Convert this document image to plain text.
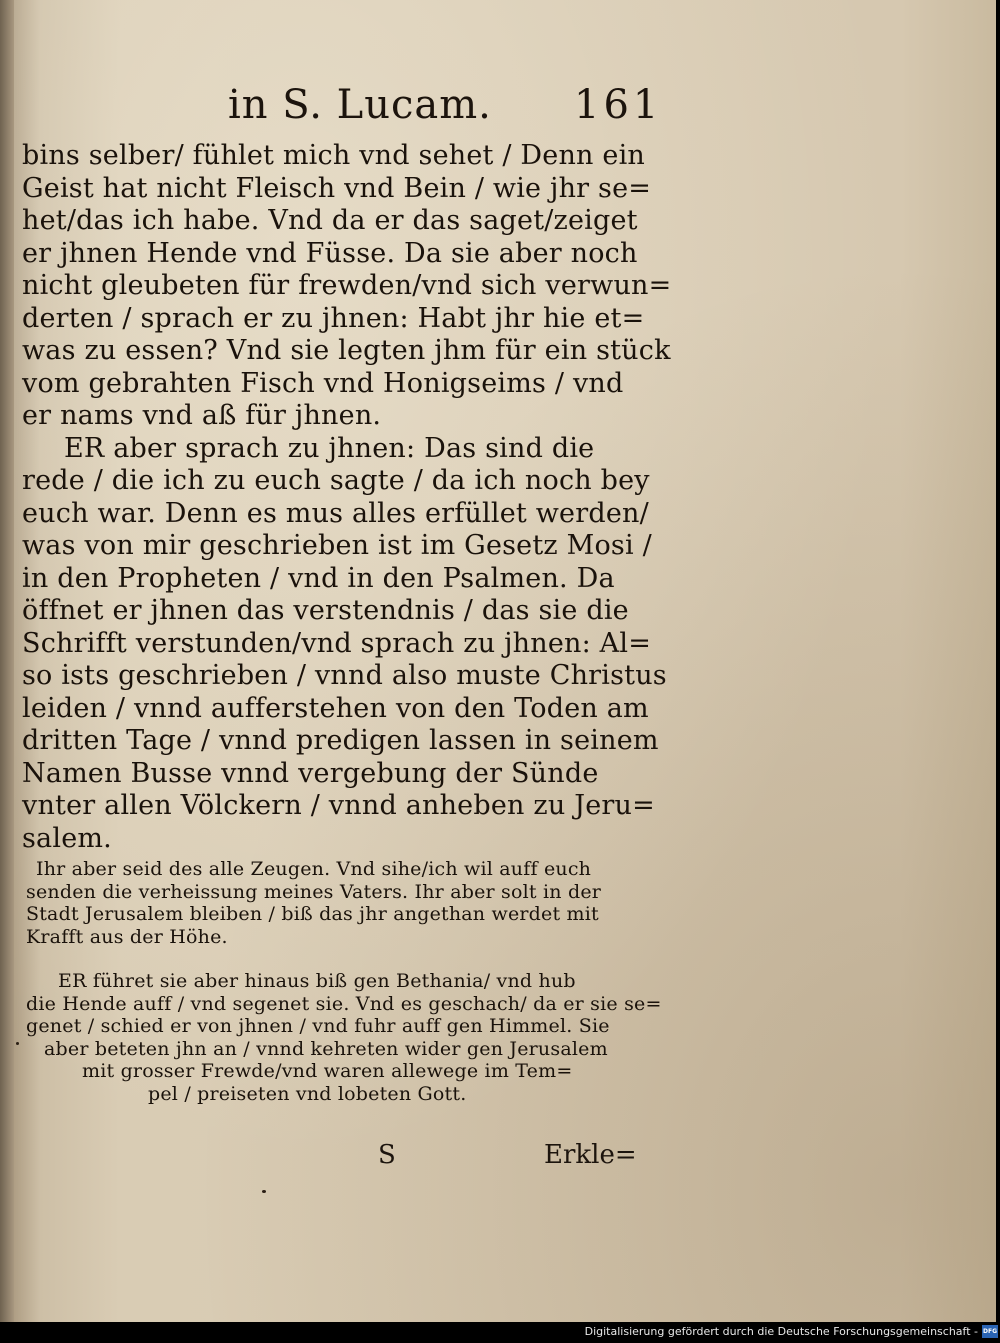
in S. Lucam. 161
bins selber/ fühlet mich vnd sehet / Denn ein
Geist hat nicht Fleisch vnd Bein / wie jhr se=
het/das ich habe. Vnd da er das saget/zeiget
er jhnen Hende vnd Füsse. Da sie aber noch
nicht gleubeten für frewden/vnd sich verwun=
derten / sprach er zu jhnen: Habt jhr hie et=
was zu essen? Vnd sie legten jhm für ein stück
vom gebrahten Fisch vnd Honigseims / vnd
er nams vnd aß für jhnen.
ER aber sprach zu jhnen: Das sind die
rede / die ich zu euch sagte / da ich noch bey
euch war. Denn es mus alles erfüllet werden/
was von mir geschrieben ist im Gesetz Mosi /
in den Propheten / vnd in den Psalmen. Da
öffnet er jhnen das verstendnis / das sie die
Schrifft verstunden/vnd sprach zu jhnen: Al=
so ists geschrieben / vnnd also muste Christus
leiden / vnnd aufferstehen von den Toden am
dritten Tage / vnnd predigen lassen in seinem
Namen Busse vnnd vergebung der Sünde
vnter allen Völckern / vnnd anheben zu Jeru=
salem.
Ihr aber seid des alle Zeugen. Vnd sihe/ich wil auff euch
senden die verheissung meines Vaters. Ihr aber solt in der
Stadt Jerusalem bleiben / biß das jhr angethan werdet mit
Krafft aus der Höhe.
ER führet sie aber hinaus biß gen Bethania/ vnd hub
die Hende auff / vnd segenet sie. Vnd es geschach/ da er sie se=
genet / schied er von jhnen / vnd fuhr auff gen Himmel. Sie
aber beteten jhn an / vnnd kehreten wider gen Jerusalem
mit grosser Frewde/vnd waren allewege im Tem=
pel / preiseten vnd lobeten Gott.
S	Erkle=
Digitalisierung gefördert durch die Deutsche Forschungsgemeinschaft - DFG
